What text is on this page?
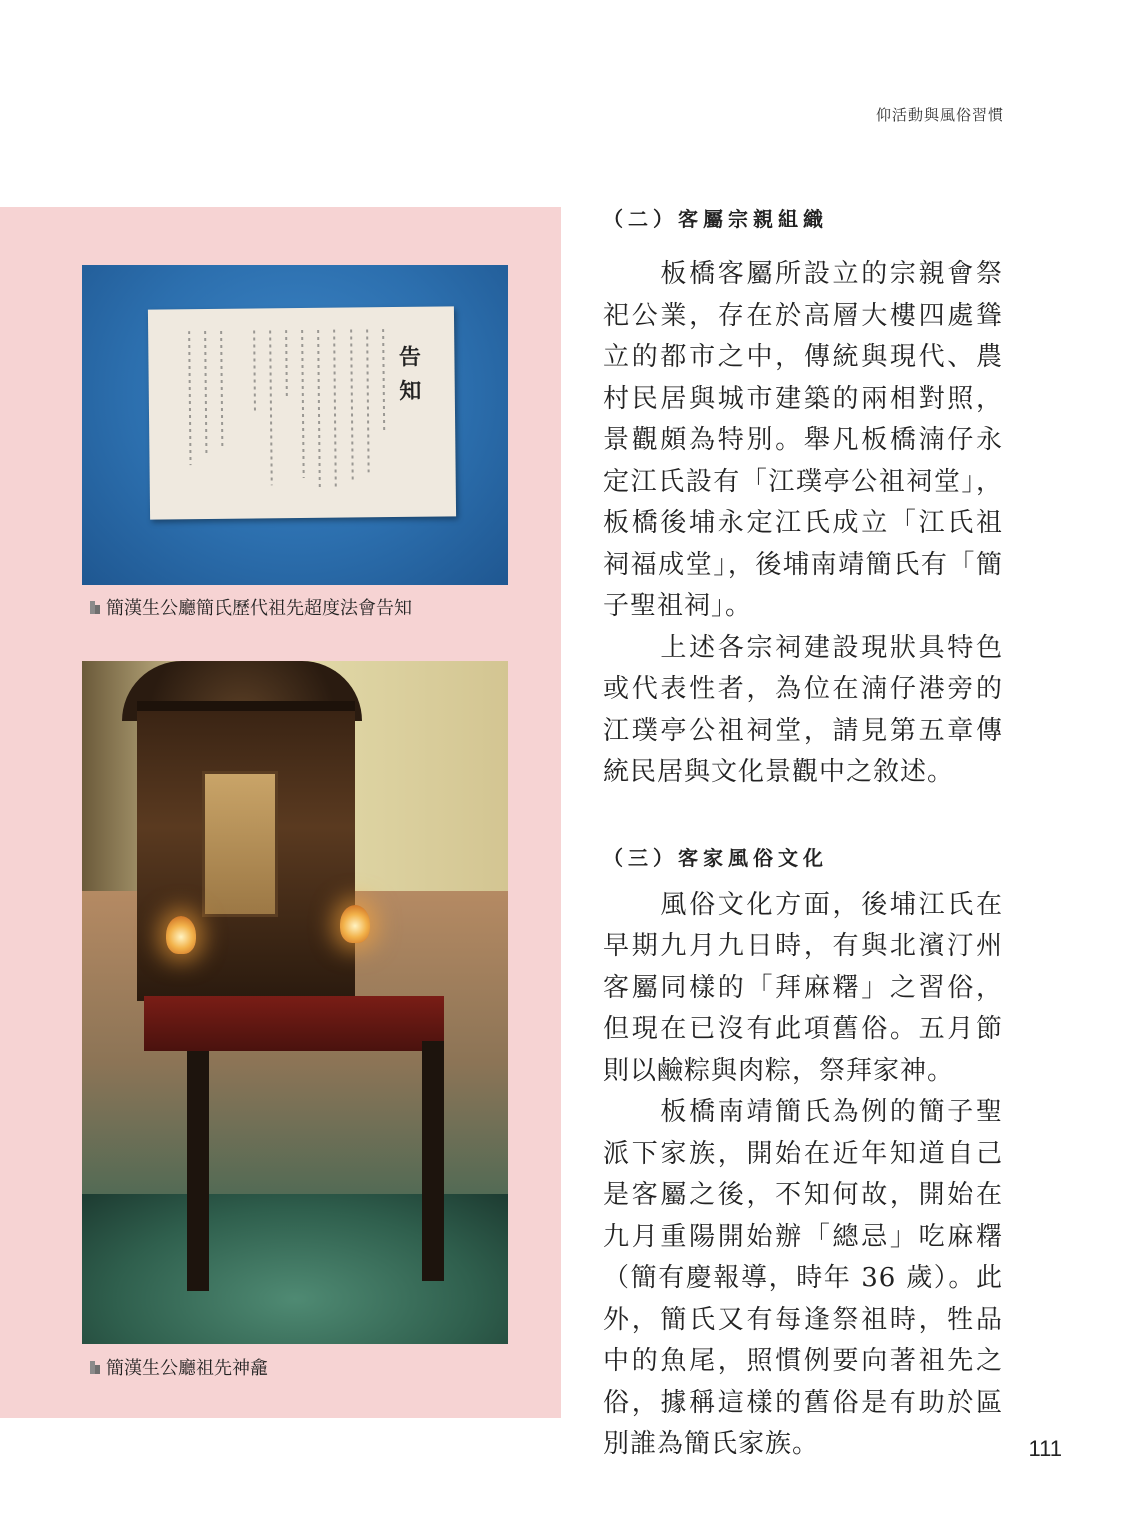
仰活動與風俗習慣
告知
簡漢生公廳簡氏歷代祖先超度法會告知
簡漢生公廳祖先神龕
（二）客屬宗親組織

　　板橋客屬所設立的宗親會祭祀公業，存在於高層大樓四處聳立的都市之中，傳統與現代、農村民居與城市建築的兩相對照，景觀頗為特別。舉凡板橋湳仔永定江氏設有「江璞亭公祖祠堂」，板橋後埔永定江氏成立「江氏祖祠福成堂」，後埔南靖簡氏有「簡子聖祖祠」。

　　上述各宗祠建設現狀具特色或代表性者，為位在湳仔港旁的江璞亭公祖祠堂，請見第五章傳統民居與文化景觀中之敘述。

（三）客家風俗文化

　　風俗文化方面，後埔江氏在早期九月九日時，有與北濱汀州客屬同樣的「拜麻糬」之習俗，但現在已沒有此項舊俗。五月節則以鹼粽與肉粽，祭拜家神。

　　板橋南靖簡氏為例的簡子聖派下家族，開始在近年知道自己是客屬之後，不知何故，開始在九月重陽開始辦「總忌」吃麻糬（簡有慶報導，時年 36 歲）。此外，簡氏又有每逢祭祖時，牲品中的魚尾，照慣例要向著祖先之俗，據稱這樣的舊俗是有助於區別誰為簡氏家族。	111
